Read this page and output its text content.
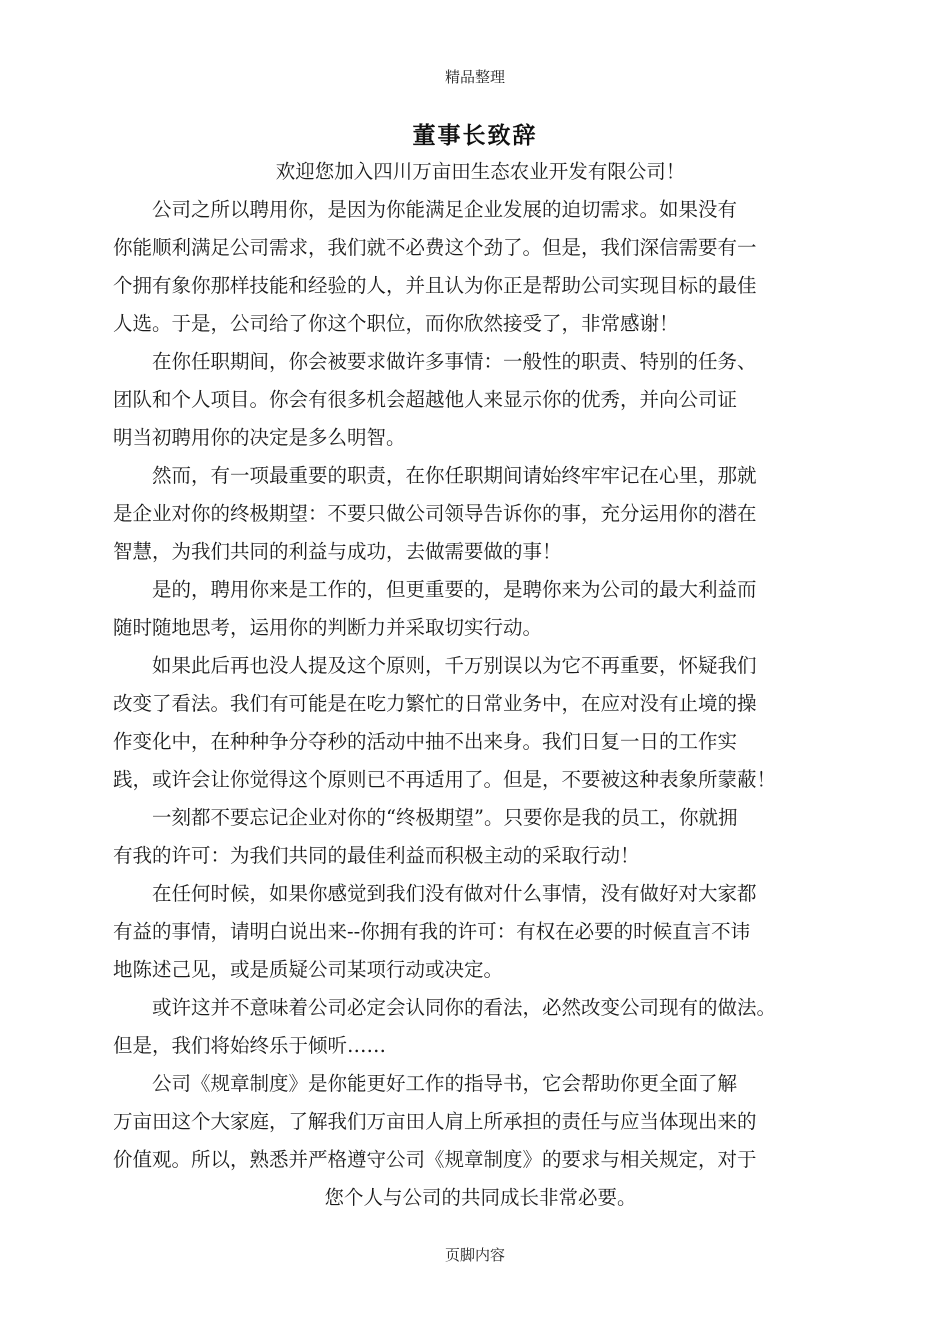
精品整理
董事长致辞
欢迎您加入四川万亩田生态农业开发有限公司！
　　公司之所以聘用你，是因为你能满足企业发展的迫切需求。如果没有
你能顺利满足公司需求，我们就不必费这个劲了。但是，我们深信需要有一
个拥有象你那样技能和经验的人，并且认为你正是帮助公司实现目标的最佳
人选。于是，公司给了你这个职位，而你欣然接受了，非常感谢！
　　在你任职期间，你会被要求做许多事情：一般性的职责、特别的任务、
团队和个人项目。你会有很多机会超越他人来显示你的优秀，并向公司证
明当初聘用你的决定是多么明智。
　　然而，有一项最重要的职责，在你任职期间请始终牢牢记在心里，那就
是企业对你的终极期望：不要只做公司领导告诉你的事，充分运用你的潜在
智慧，为我们共同的利益与成功，去做需要做的事！
　　是的，聘用你来是工作的，但更重要的，是聘你来为公司的最大利益而
随时随地思考，运用你的判断力并采取切实行动。
　　如果此后再也没人提及这个原则，千万别误以为它不再重要，怀疑我们
改变了看法。我们有可能是在吃力繁忙的日常业务中，在应对没有止境的操
作变化中，在种种争分夺秒的活动中抽不出来身。我们日复一日的工作实
践，或许会让你觉得这个原则已不再适用了。但是，不要被这种表象所蒙蔽！
　　一刻都不要忘记企业对你的“终极期望”。只要你是我的员工，你就拥
有我的许可：为我们共同的最佳利益而积极主动的采取行动！
　　在任何时候，如果你感觉到我们没有做对什么事情，没有做好对大家都
有益的事情，请明白说出来--你拥有我的许可：有权在必要的时候直言不讳
地陈述己见，或是质疑公司某项行动或决定。
　　或许这并不意味着公司必定会认同你的看法，必然改变公司现有的做法。
但是，我们将始终乐于倾听……
　　公司《规章制度》是你能更好工作的指导书，它会帮助你更全面了解
万亩田这个大家庭，了解我们万亩田人肩上所承担的责任与应当体现出来的
价值观。所以，熟悉并严格遵守公司《规章制度》的要求与相关规定，对于
您个人与公司的共同成长非常必要。
页脚内容
